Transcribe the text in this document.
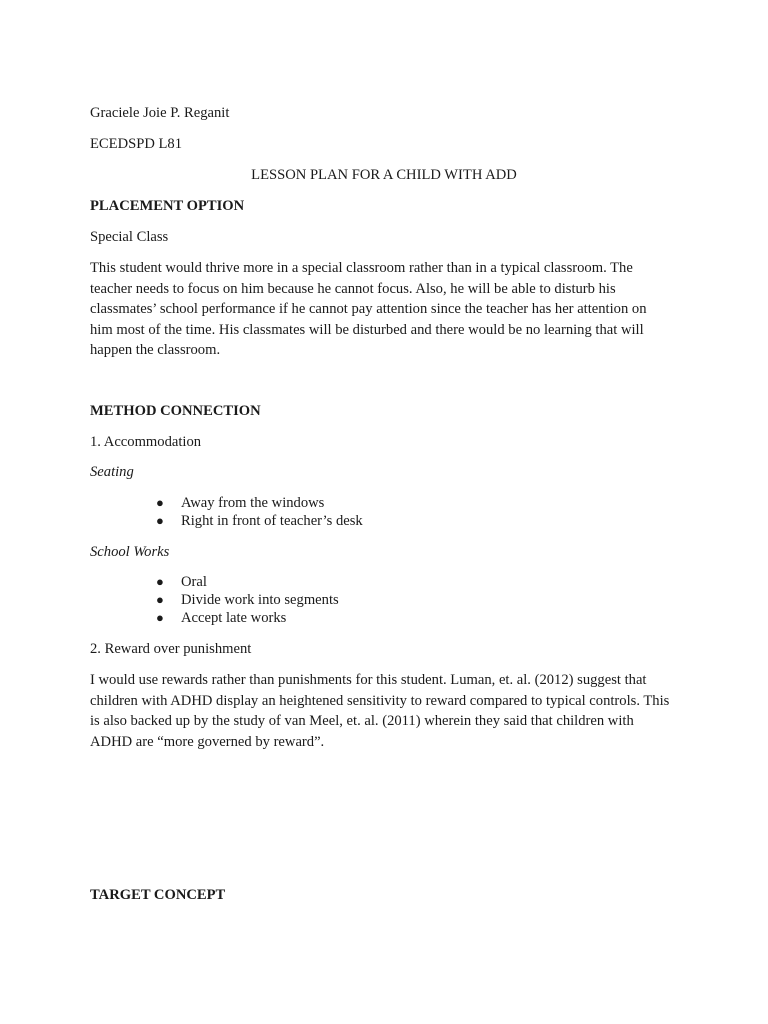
Graciele Joie P. Reganit
ECEDSPD L81
LESSON PLAN FOR A CHILD WITH ADD
PLACEMENT OPTION
Special Class
This student would thrive more in a special classroom rather than in a typical classroom. The teacher needs to focus on him because he cannot focus. Also, he will be able to disturb his classmates’ school performance if he cannot pay attention since the teacher has her attention on him most of the time. His classmates will be disturbed and there would be no learning that will happen the classroom.
METHOD CONNECTION
1. Accommodation
Seating
● Away from the windows
● Right in front of teacher’s desk
School Works
● Oral
● Divide work into segments
● Accept late works
2. Reward over punishment
I would use rewards rather than punishments for this student. Luman, et. al. (2012) suggest that children with ADHD display an heightened sensitivity to reward compared to typical controls. This is also backed up by the study of van Meel, et. al. (2011) wherein they said that children with ADHD are “more governed by reward”.
TARGET CONCEPT
